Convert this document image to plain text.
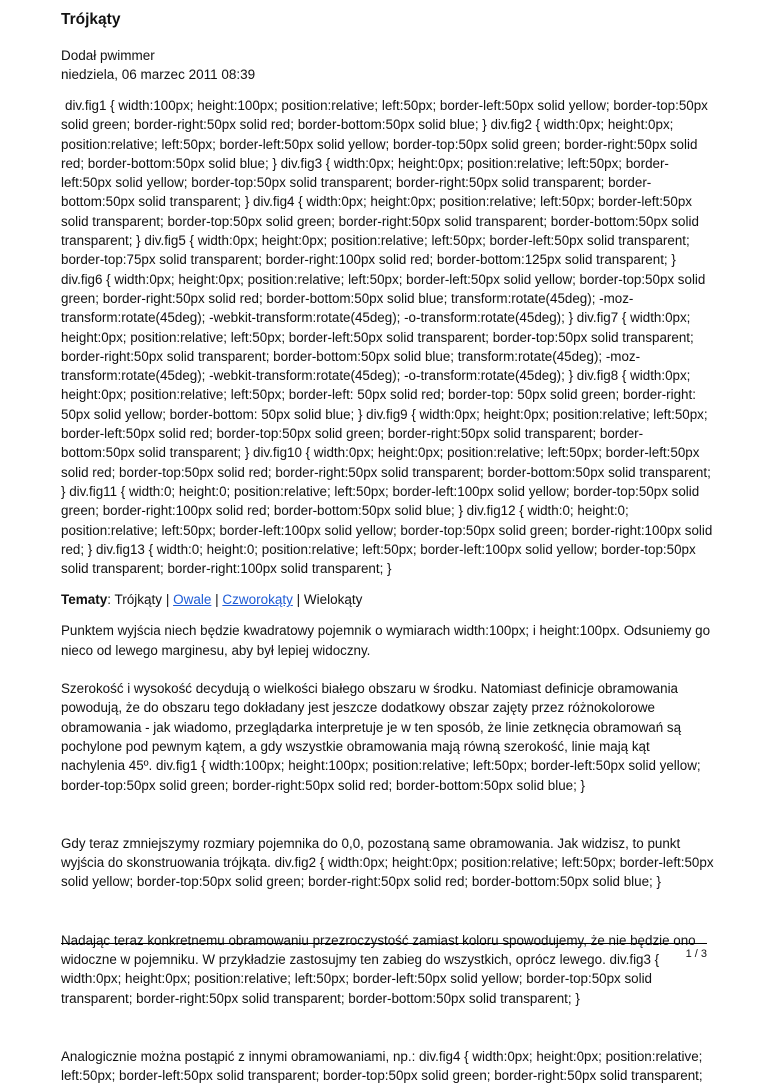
Trójkąty
Dodał pwimmer
niedziela, 06 marzec 2011 08:39
div.fig1 { width:100px; height:100px; position:relative; left:50px; border-left:50px solid yellow; border-top:50px solid green; border-right:50px solid red; border-bottom:50px solid blue; } div.fig2 { width:0px; height:0px; position:relative; left:50px; border-left:50px solid yellow; border-top:50px solid green; border-right:50px solid red; border-bottom:50px solid blue; } div.fig3 { width:0px; height:0px; position:relative; left:50px; border-left:50px solid yellow; border-top:50px solid transparent; border-right:50px solid transparent; border-bottom:50px solid transparent; } div.fig4 { width:0px; height:0px; position:relative; left:50px; border-left:50px solid transparent; border-top:50px solid green; border-right:50px solid transparent; border-bottom:50px solid transparent; } div.fig5 { width:0px; height:0px; position:relative; left:50px; border-left:50px solid transparent; border-top:75px solid transparent; border-right:100px solid red; border-bottom:125px solid transparent; } div.fig6 { width:0px; height:0px; position:relative; left:50px; border-left:50px solid yellow; border-top:50px solid green; border-right:50px solid red; border-bottom:50px solid blue; transform:rotate(45deg); -moz-transform:rotate(45deg); -webkit-transform:rotate(45deg); -o-transform:rotate(45deg); } div.fig7 { width:0px; height:0px; position:relative; left:50px; border-left:50px solid transparent; border-top:50px solid transparent; border-right:50px solid transparent; border-bottom:50px solid blue; transform:rotate(45deg); -moz-transform:rotate(45deg); -webkit-transform:rotate(45deg); -o-transform:rotate(45deg); } div.fig8 { width:0px; height:0px; position:relative; left:50px; border-left: 50px solid red; border-top: 50px solid green; border-right: 50px solid yellow; border-bottom: 50px solid blue; } div.fig9 { width:0px; height:0px; position:relative; left:50px; border-left:50px solid red; border-top:50px solid green; border-right:50px solid transparent; border-bottom:50px solid transparent; } div.fig10 { width:0px; height:0px; position:relative; left:50px; border-left:50px solid red; border-top:50px solid red; border-right:50px solid transparent; border-bottom:50px solid transparent; } div.fig11 { width:0; height:0; position:relative; left:50px; border-left:100px solid yellow; border-top:50px solid green; border-right:100px solid red; border-bottom:50px solid blue; } div.fig12 { width:0; height:0; position:relative; left:50px; border-left:100px solid yellow; border-top:50px solid green; border-right:100px solid red; } div.fig13 { width:0; height:0; position:relative; left:50px; border-left:100px solid yellow; border-top:50px solid transparent; border-right:100px solid transparent; }
Tematy: Trójkąty | Owale | Czworokąty | Wielokąty

Punktem wyjścia niech będzie kwadratowy pojemnik o wymiarach width:100px; i height:100px. Odsuniemy go nieco od lewego marginesu, aby był lepiej widoczny.

Szerokość i wysokość decydują o wielkości białego obszaru w środku. Natomiast definicje obramowania powodują, że do obszaru tego dokładany jest jeszcze dodatkowy obszar zajęty przez różnokolorowe obramowania - jak wiadomo, przeglądarka interpretuje je w ten sposób, że linie zetknęcia obramowań są pochylone pod pewnym kątem, a gdy wszystkie obramowania mają równą szerokość, linie mają kąt nachylenia 45º. div.fig1 { width:100px; height:100px; position:relative; left:50px; border-left:50px solid yellow; border-top:50px solid green; border-right:50px solid red; border-bottom:50px solid blue; }

Gdy teraz zmniejszymy rozmiary pojemnika do 0,0, pozostaną same obramowania. Jak widzisz, to punkt wyjścia do skonstruowania trójkąta. div.fig2 { width:0px; height:0px; position:relative; left:50px; border-left:50px solid yellow; border-top:50px solid green; border-right:50px solid red; border-bottom:50px solid blue; }

Nadając teraz konkretnemu obramowaniu przezroczystość zamiast koloru spowodujemy, że nie będzie ono widoczne w pojemniku. W przykładzie zastosujmy ten zabieg do wszystkich, oprócz lewego. div.fig3 { width:0px; height:0px; position:relative; left:50px; border-left:50px solid yellow; border-top:50px solid transparent; border-right:50px solid transparent; border-bottom:50px solid transparent; }

Analogicznie można postąpić z innymi obramowaniami, np.: div.fig4 { width:0px; height:0px; position:relative; left:50px; border-left:50px solid transparent; border-top:50px solid green; border-right:50px solid transparent;

1 / 3
